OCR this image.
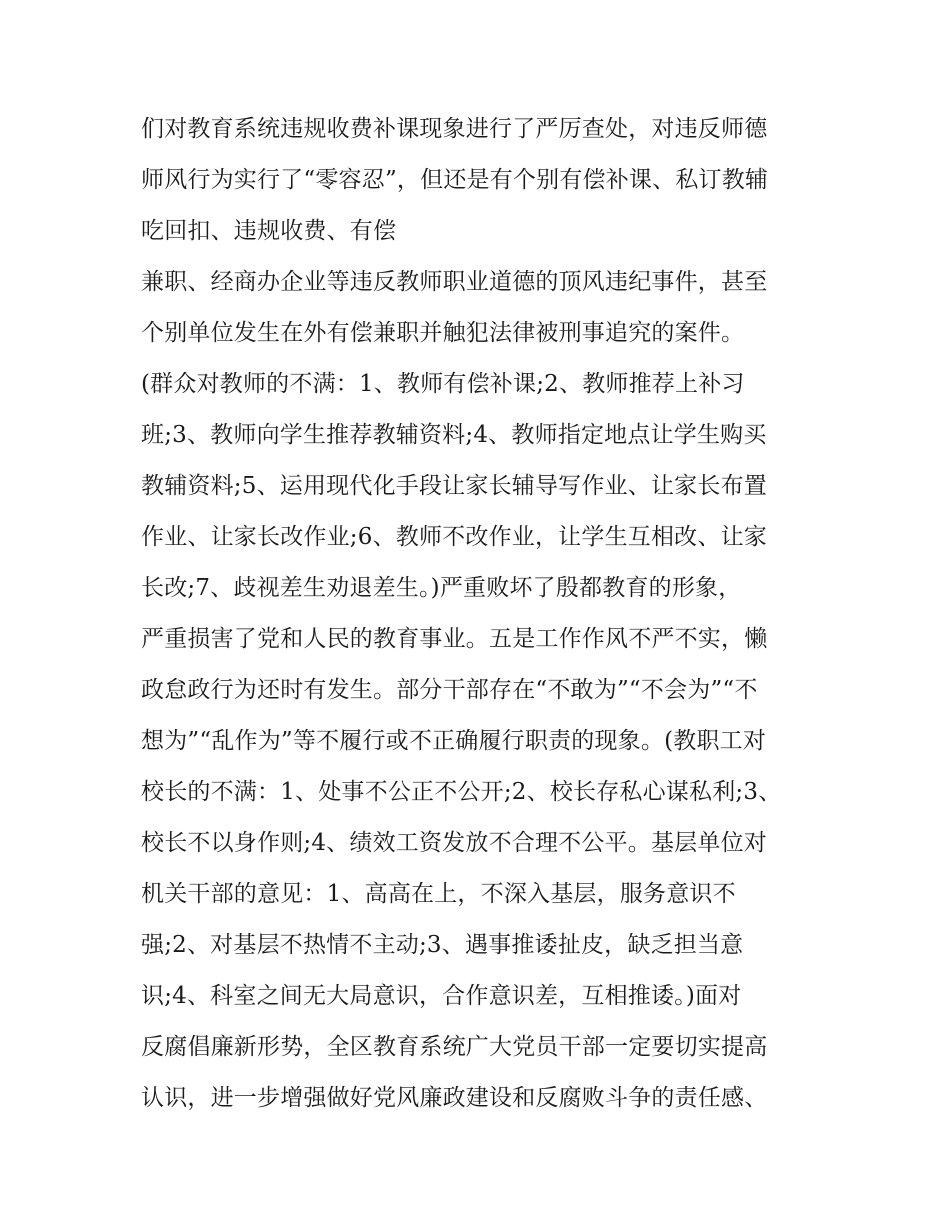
们对教育系统违规收费补课现象进行了严厉查处，对违反师德
师风行为实行了“零容忍”，但还是有个别有偿补课、私订教辅
吃回扣、违规收费、有偿
兼职、经商办企业等违反教师职业道德的顶风违纪事件，甚至
个别单位发生在外有偿兼职并触犯法律被刑事追究的案件。
(群众对教师的不满：1、教师有偿补课;2、教师推荐上补习
班;3、教师向学生推荐教辅资料;4、教师指定地点让学生购买
教辅资料;5、运用现代化手段让家长辅导写作业、让家长布置
作业、让家长改作业;6、教师不改作业，让学生互相改、让家
长改;7、歧视差生劝退差生。)严重败坏了殷都教育的形象，
严重损害了党和人民的教育事业。五是工作作风不严不实，懒
政怠政行为还时有发生。部分干部存在“不敢为”“不会为”“不
想为”“乱作为”等不履行或不正确履行职责的现象。(教职工对
校长的不满：1、处事不公正不公开;2、校长存私心谋私利;3、
校长不以身作则;4、绩效工资发放不合理不公平。基层单位对
机关干部的意见：1、高高在上，不深入基层，服务意识不
强;2、对基层不热情不主动;3、遇事推诿扯皮，缺乏担当意
识;4、科室之间无大局意识，合作意识差，互相推诿。)面对
反腐倡廉新形势，全区教育系统广大党员干部一定要切实提高
认识，进一步增强做好党风廉政建设和反腐败斗争的责任感、
